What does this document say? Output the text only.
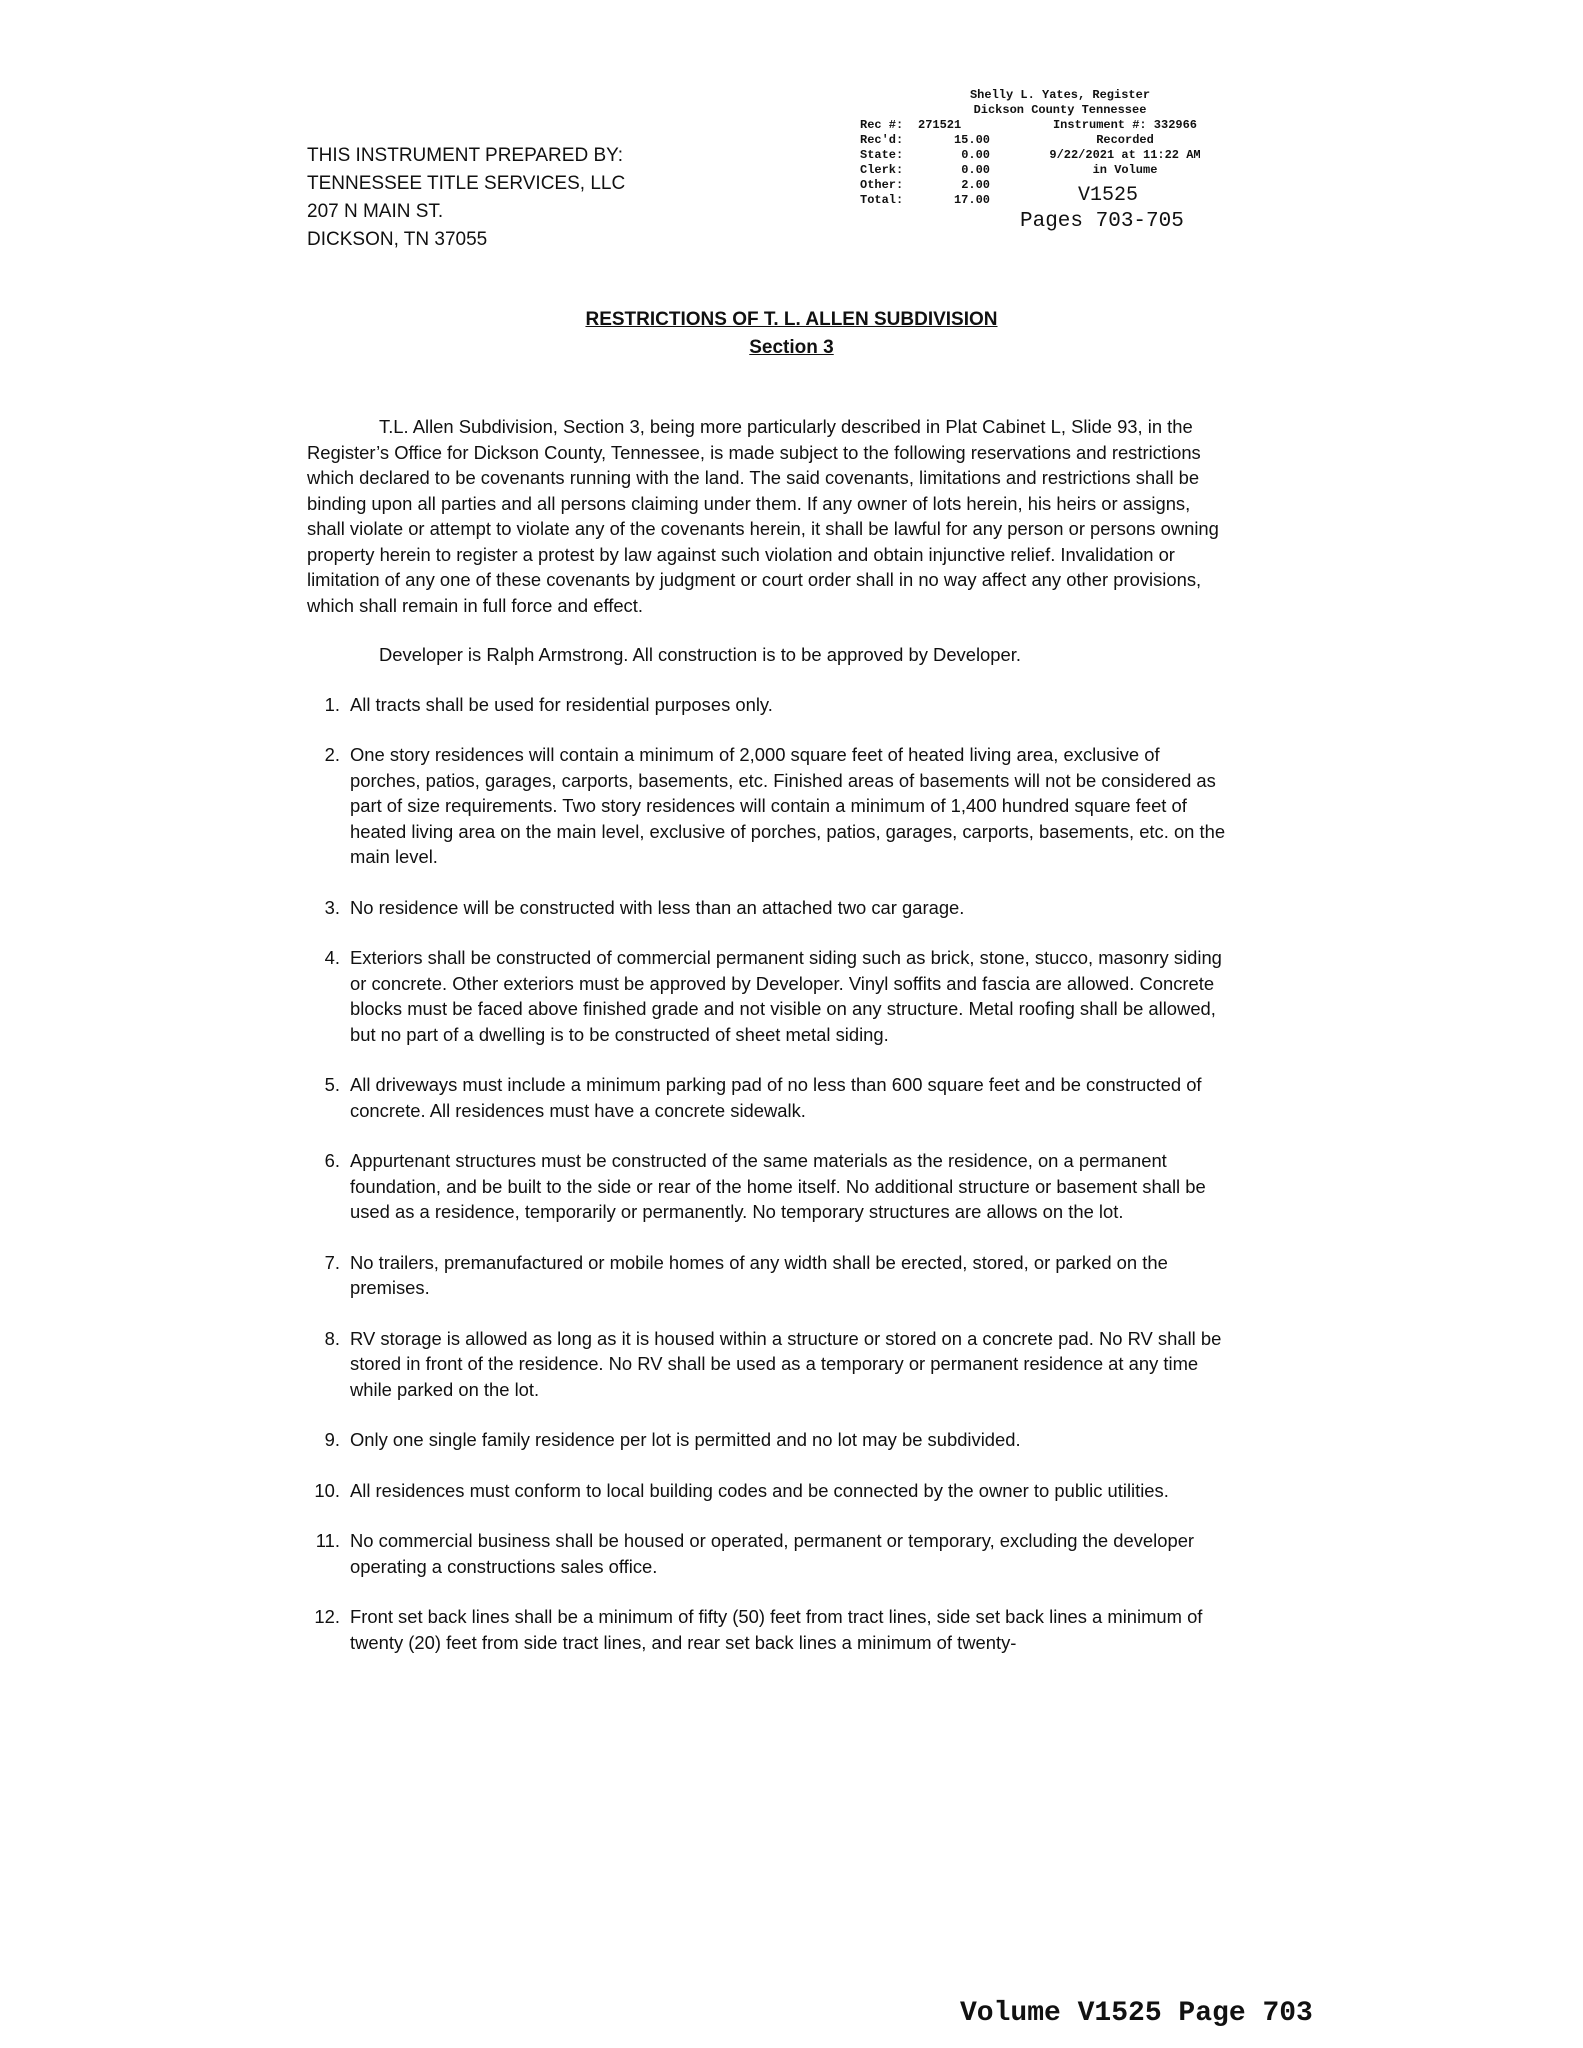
THIS INSTRUMENT PREPARED BY:
TENNESSEE TITLE SERVICES, LLC
207 N MAIN ST.
DICKSON, TN 37055
Shelly L. Yates, Register
Dickson County Tennessee
Rec #:	271521	Instrument #: 332966
Rec'd:	15.00	Recorded
State:	0.00	9/22/2021 at 11:22 AM
Clerk:	0.00	in Volume
Other:	2.00
Total:	17.00	V1525
Pages 703-705
RESTRICTIONS OF T. L. ALLEN SUBDIVISION
Section 3

T.L. Allen Subdivision, Section 3, being more particularly described in Plat Cabinet L, Slide 93, in the Register’s Office for Dickson County, Tennessee, is made subject to the following reservations and restrictions which declared to be covenants running with the land. The said covenants, limitations and restrictions shall be binding upon all parties and all persons claiming under them. If any owner of lots herein, his heirs or assigns, shall violate or attempt to violate any of the covenants herein, it shall be lawful for any person or persons owning property herein to register a protest by law against such violation and obtain injunctive relief. Invalidation or limitation of any one of these covenants by judgment or court order shall in no way affect any other provisions, which shall remain in full force and effect.

Developer is Ralph Armstrong. All construction is to be approved by Developer.
1. All tracts shall be used for residential purposes only.
2. One story residences will contain a minimum of 2,000 square feet of heated living area, exclusive of porches, patios, garages, carports, basements, etc. Finished areas of basements will not be considered as part of size requirements. Two story residences will contain a minimum of 1,400 hundred square feet of heated living area on the main level, exclusive of porches, patios, garages, carports, basements, etc. on the main level.
3. No residence will be constructed with less than an attached two car garage.
4. Exteriors shall be constructed of commercial permanent siding such as brick, stone, stucco, masonry siding or concrete. Other exteriors must be approved by Developer. Vinyl soffits and fascia are allowed. Concrete blocks must be faced above finished grade and not visible on any structure. Metal roofing shall be allowed, but no part of a dwelling is to be constructed of sheet metal siding.
5. All driveways must include a minimum parking pad of no less than 600 square feet and be constructed of concrete. All residences must have a concrete sidewalk.
6. Appurtenant structures must be constructed of the same materials as the residence, on a permanent foundation, and be built to the side or rear of the home itself. No additional structure or basement shall be used as a residence, temporarily or permanently. No temporary structures are allows on the lot.
7. No trailers, premanufactured or mobile homes of any width shall be erected, stored, or parked on the premises.
8. RV storage is allowed as long as it is housed within a structure or stored on a concrete pad. No RV shall be stored in front of the residence. No RV shall be used as a temporary or permanent residence at any time while parked on the lot.
9. Only one single family residence per lot is permitted and no lot may be subdivided.
10. All residences must conform to local building codes and be connected by the owner to public utilities.
11. No commercial business shall be housed or operated, permanent or temporary, excluding the developer operating a constructions sales office.
12. Front set back lines shall be a minimum of fifty (50) feet from tract lines, side set back lines a minimum of twenty (20) feet from side tract lines, and rear set back lines a minimum of twenty-
Volume V1525 Page 703
